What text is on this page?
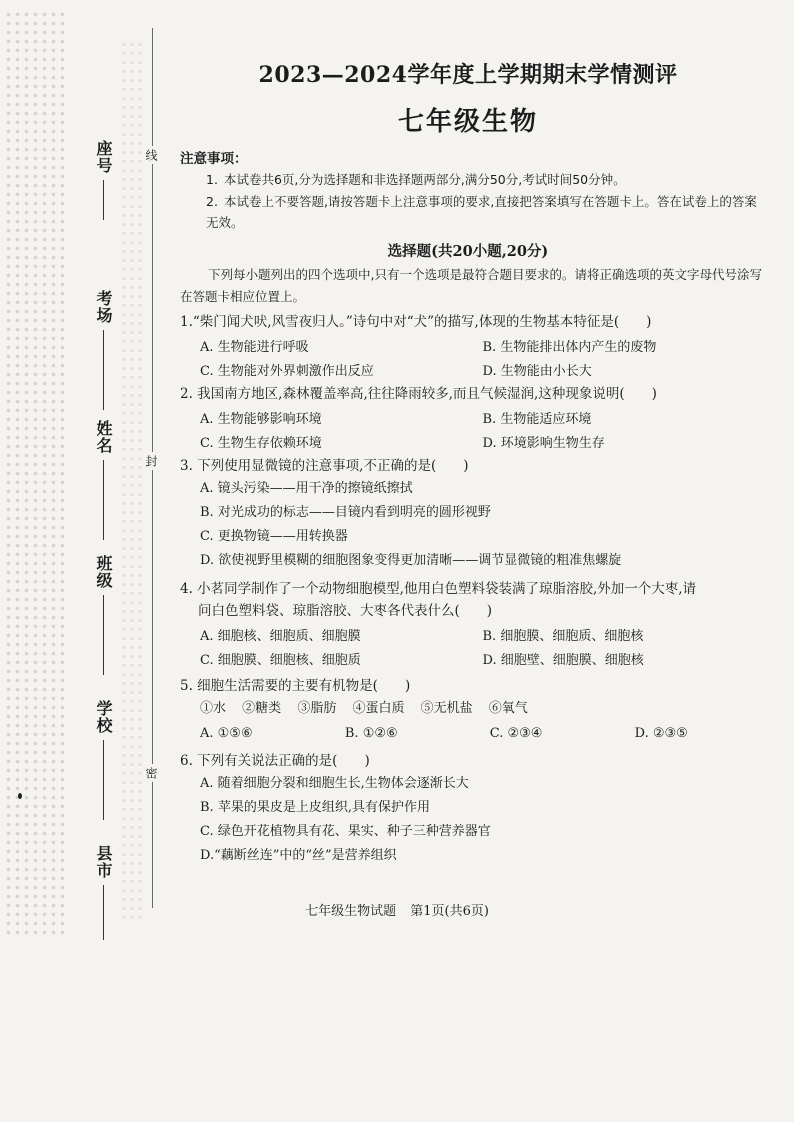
座号
考场
姓名
班级
学校
县市
线
封
密
2023—2024学年度上学期期末学情测评
七年级生物
注意事项：
1. 本试卷共6页,分为选择题和非选择题两部分,满分50分,考试时间50分钟。
2. 本试卷上不要答题,请按答题卡上注意事项的要求,直接把答案填写在答题卡上。答在试卷上的答案无效。
选择题(共20小题,20分)
下列每小题列出的四个选项中,只有一个选项是最符合题目要求的。请将正确选项的英文字母代号涂写在答题卡相应位置上。
1.“柴门闻犬吠,风雪夜归人。”诗句中对“犬”的描写,体现的生物基本特征是(　　)
A. 生物能进行呼吸	B. 生物能排出体内产生的废物
C. 生物能对外界刺激作出反应	D. 生物能由小长大
2. 我国南方地区,森林覆盖率高,往往降雨较多,而且气候湿润,这种现象说明(　　)
A. 生物能够影响环境	B. 生物能适应环境
C. 生物生存依赖环境	D. 环境影响生物生存
3. 下列使用显微镜的注意事项,不正确的是(　　)
A. 镜头污染——用干净的擦镜纸擦拭
B. 对光成功的标志——目镜内看到明亮的圆形视野
C. 更换物镜——用转换器
D. 欲使视野里模糊的细胞图象变得更加清晰——调节显微镜的粗准焦螺旋
4. 小茗同学制作了一个动物细胞模型,他用白色塑料袋装满了琼脂溶胶,外加一个大枣,请
问白色塑料袋、琼脂溶胶、大枣各代表什么(　　)
A. 细胞核、细胞质、细胞膜	B. 细胞膜、细胞质、细胞核
C. 细胞膜、细胞核、细胞质	D. 细胞壁、细胞膜、细胞核
5. 细胞生活需要的主要有机物是(　　)
①水 ②糖类 ③脂肪 ④蛋白质 ⑤无机盐 ⑥氧气
A. ①⑤⑥	B. ①②⑥	C. ②③④	D. ②③⑤
6. 下列有关说法正确的是(　　)
A. 随着细胞分裂和细胞生长,生物体会逐渐长大
B. 苹果的果皮是上皮组织,具有保护作用
C. 绿色开花植物具有花、果实、种子三种营养器官
D.“藕断丝连”中的“丝”是营养组织
七年级生物试题 第1页(共6页)
